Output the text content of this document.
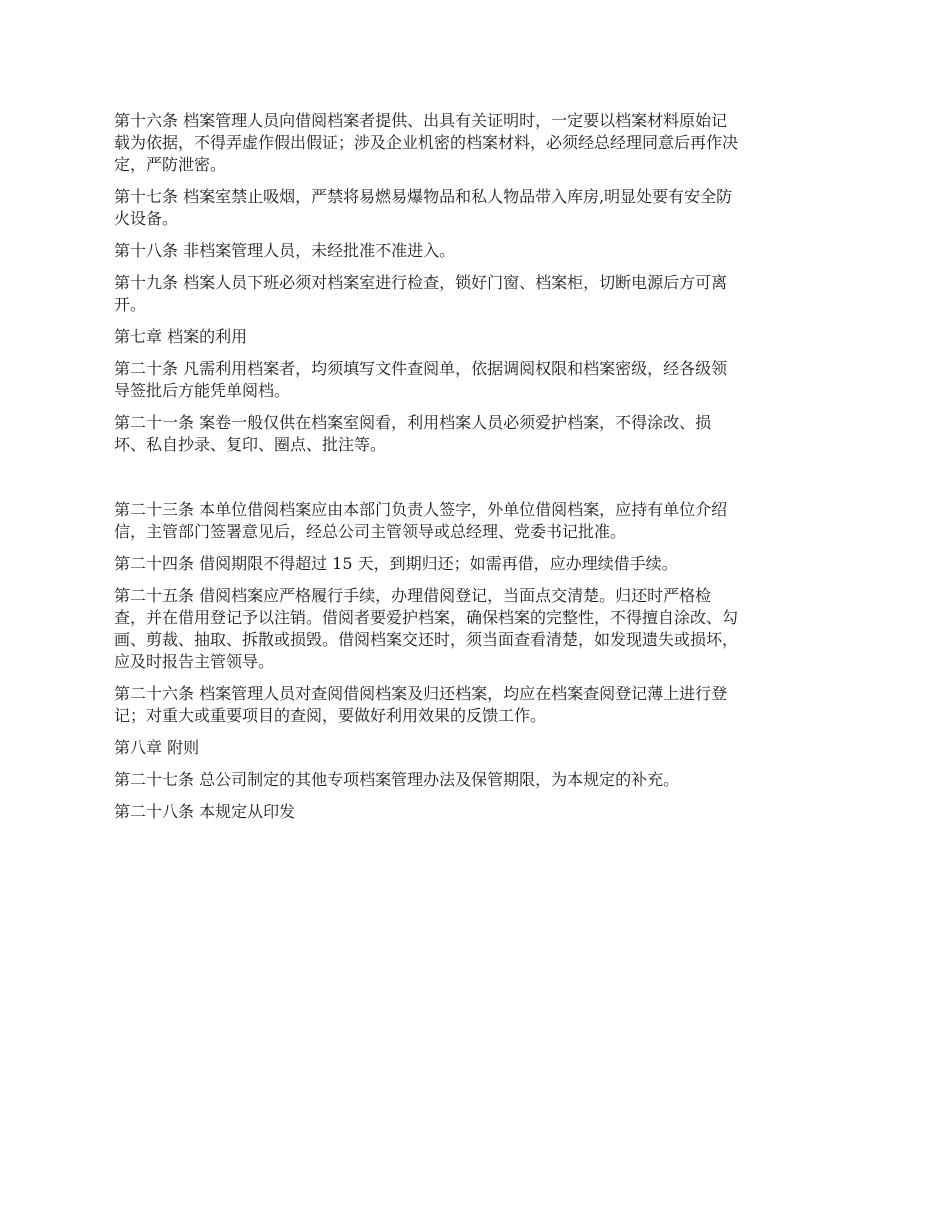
第十六条 档案管理人员向借阅档案者提供、出具有关证明时，一定要以档案材料原始记
载为依据，不得弄虚作假出假证；涉及企业机密的档案材料，必须经总经理同意后再作决
定，严防泄密。

第十七条 档案室禁止吸烟，严禁将易燃易爆物品和私人物品带入库房,明显处要有安全防
火设备。

第十八条 非档案管理人员，未经批准不准进入。

第十九条 档案人员下班必须对档案室进行检查，锁好门窗、档案柜，切断电源后方可离
开。

第七章 档案的利用

第二十条 凡需利用档案者，均须填写文件查阅单，依据调阅权限和档案密级，经各级领
导签批后方能凭单阅档。

第二十一条 案卷一般仅供在档案室阅看，利用档案人员必须爱护档案，不得涂改、损
坏、私自抄录、复印、圈点、批注等。

第二十三条 本单位借阅档案应由本部门负责人签字，外单位借阅档案，应持有单位介绍
信，主管部门签署意见后，经总公司主管领导或总经理、党委书记批准。

第二十四条 借阅期限不得超过 15 天，到期归还；如需再借，应办理续借手续。

第二十五条 借阅档案应严格履行手续，办理借阅登记，当面点交清楚。归还时严格检
查，并在借用登记予以注销。借阅者要爱护档案，确保档案的完整性，不得擅自涂改、勾
画、剪裁、抽取、拆散或损毁。借阅档案交还时，须当面查看清楚，如发现遗失或损坏，
应及时报告主管领导。

第二十六条 档案管理人员对查阅借阅档案及归还档案，均应在档案查阅登记薄上进行登
记；对重大或重要项目的查阅，要做好利用效果的反馈工作。

第八章 附则

第二十七条 总公司制定的其他专项档案管理办法及保管期限，为本规定的补充。

第二十八条 本规定从印发
